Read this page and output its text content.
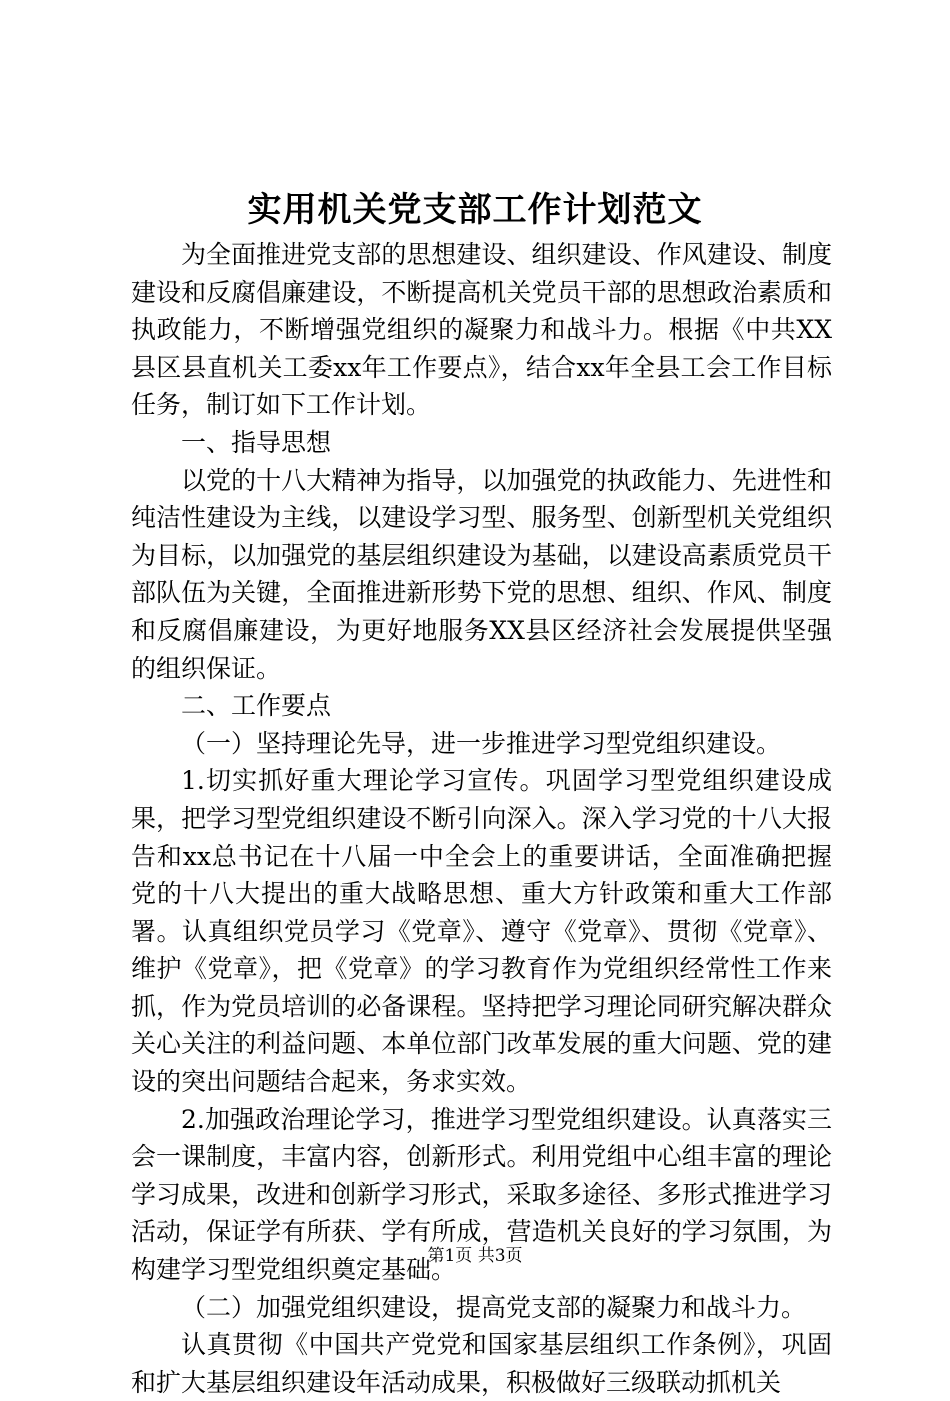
实用机关党支部工作计划范文

为全面推进党支部的思想建设、组织建设、作风建设、制度建设和反腐倡廉建设，不断提高机关党员干部的思想政治素质和执政能力，不断增强党组织的凝聚力和战斗力。根据《中共XX县区县直机关工委xx年工作要点》，结合xx年全县工会工作目标任务，制订如下工作计划。

一、指导思想

以党的十八大精神为指导，以加强党的执政能力、先进性和纯洁性建设为主线，以建设学习型、服务型、创新型机关党组织为目标，以加强党的基层组织建设为基础，以建设高素质党员干部队伍为关键，全面推进新形势下党的思想、组织、作风、制度和反腐倡廉建设，为更好地服务XX县区经济社会发展提供坚强的组织保证。

二、工作要点

（一）坚持理论先导，进一步推进学习型党组织建设。

1.切实抓好重大理论学习宣传。巩固学习型党组织建设成果，把学习型党组织建设不断引向深入。深入学习党的十八大报告和xx总书记在十八届一中全会上的重要讲话，全面准确把握党的十八大提出的重大战略思想、重大方针政策和重大工作部署。认真组织党员学习《党章》、遵守《党章》、贯彻《党章》、维护《党章》，把《党章》的学习教育作为党组织经常性工作来抓，作为党员培训的必备课程。坚持把学习理论同研究解决群众关心关注的利益问题、本单位部门改革发展的重大问题、党的建设的突出问题结合起来，务求实效。

2.加强政治理论学习，推进学习型党组织建设。认真落实三会一课制度，丰富内容，创新形式。利用党组中心组丰富的理论学习成果，改进和创新学习形式，采取多途径、多形式推进学习活动，保证学有所获、学有所成，营造机关良好的学习氛围，为构建学习型党组织奠定基础。

（二）加强党组织建设，提高党支部的凝聚力和战斗力。

认真贯彻《中国共产党党和国家基层组织工作条例》，巩固和扩大基层组织建设年活动成果，积极做好三级联动抓机关

第1页 共3页
